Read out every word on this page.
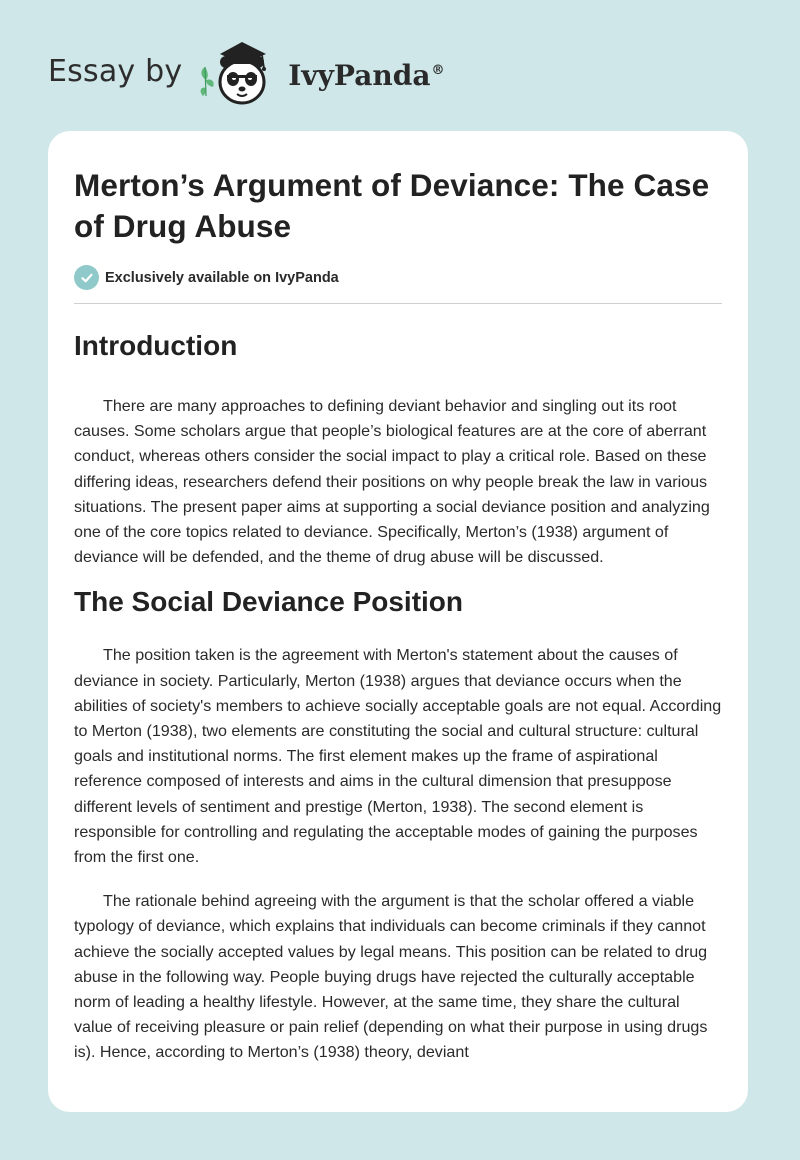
Essay by	IvyPanda®
Merton’s Argument of Deviance: The Case of Drug Abuse
Exclusively available on IvyPanda
Introduction

There are many approaches to defining deviant behavior and singling out its root causes. Some scholars argue that people’s biological features are at the core of aberrant conduct, whereas others consider the social impact to play a critical role. Based on these differing ideas, researchers defend their positions on why people break the law in various situations. The present paper aims at supporting a social deviance position and analyzing one of the core topics related to deviance. Specifically, Merton’s (1938) argument of deviance will be defended, and the theme of drug abuse will be discussed.

The Social Deviance Position

The position taken is the agreement with Merton's statement about the causes of deviance in society. Particularly, Merton (1938) argues that deviance occurs when the abilities of society's members to achieve socially acceptable goals are not equal. According to Merton (1938), two elements are constituting the social and cultural structure: cultural goals and institutional norms. The first element makes up the frame of aspirational reference composed of interests and aims in the cultural dimension that presuppose different levels of sentiment and prestige (Merton, 1938). The second element is responsible for controlling and regulating the acceptable modes of gaining the purposes from the first one.

The rationale behind agreeing with the argument is that the scholar offered a viable typology of deviance, which explains that individuals can become criminals if they cannot achieve the socially accepted values by legal means. This position can be related to drug abuse in the following way. People buying drugs have rejected the culturally acceptable norm of leading a healthy lifestyle. However, at the same time, they share the cultural value of receiving pleasure or pain relief (depending on what their purpose in using drugs is). Hence, according to Merton’s (1938) theory, deviant
